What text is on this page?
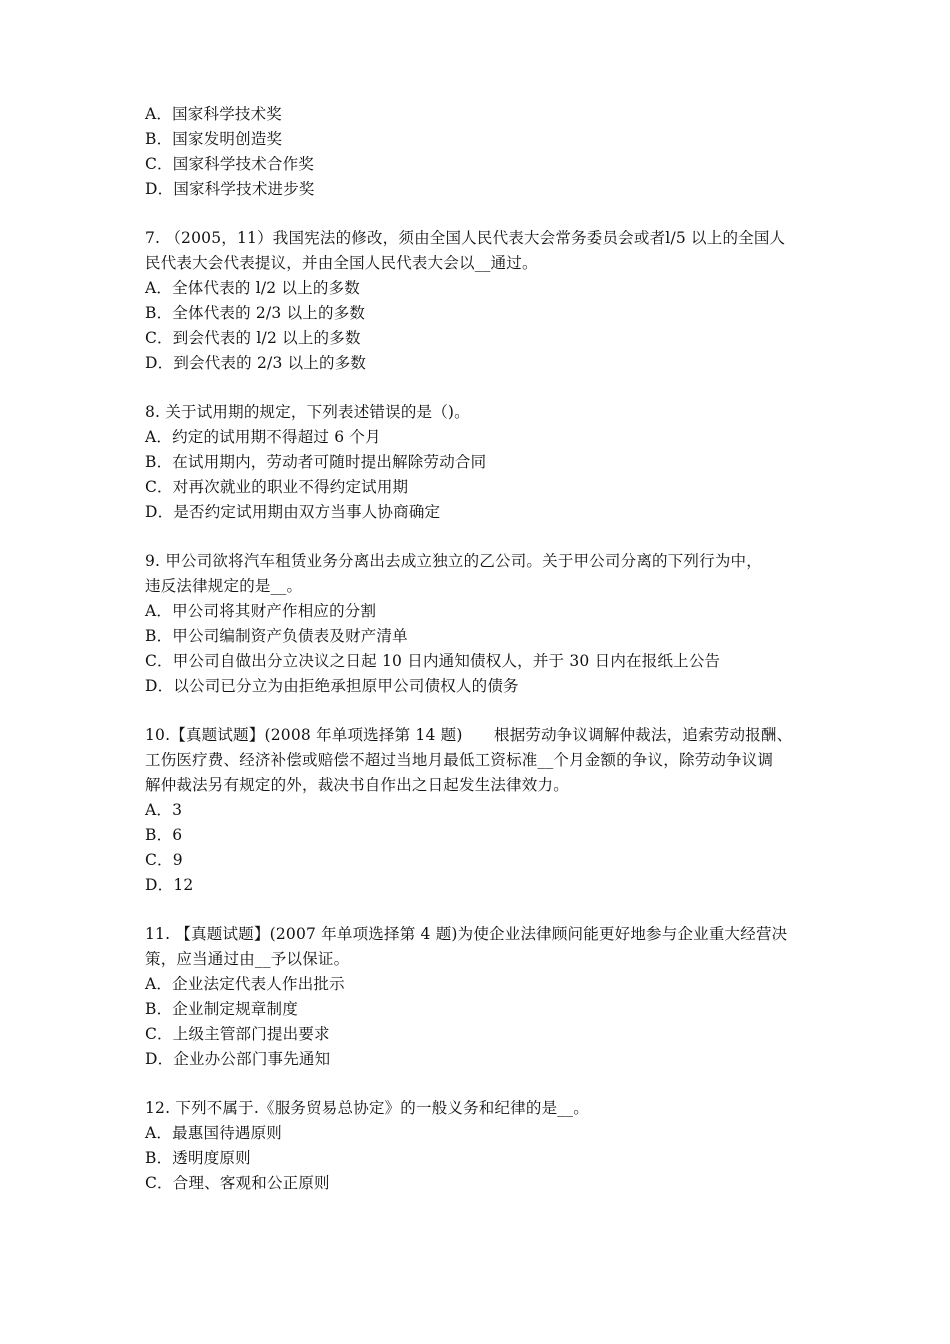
A．国家科学技术奖
B．国家发明创造奖
C．国家科学技术合作奖
D．国家科学技术进步奖
7. （2005，11）我国宪法的修改，须由全国人民代表大会常务委员会或者l/5 以上的全国人
民代表大会代表提议，并由全国人民代表大会以__通过。
A．全体代表的 l/2 以上的多数
B．全体代表的 2/3 以上的多数
C．到会代表的 l/2 以上的多数
D．到会代表的 2/3 以上的多数
8. 关于试用期的规定，下列表述错误的是（)。
A．约定的试用期不得超过 6 个月
B．在试用期内，劳动者可随时提出解除劳动合同
C．对再次就业的职业不得约定试用期
D．是否约定试用期由双方当事人协商确定
9. 甲公司欲将汽车租赁业务分离出去成立独立的乙公司。关于甲公司分离的下列行为中，
违反法律规定的是__。
A．甲公司将其财产作相应的分割
B．甲公司编制资产负债表及财产清单
C．甲公司自做出分立决议之日起 10 日内通知债权人，并于 30 日内在报纸上公告
D．以公司已分立为由拒绝承担原甲公司债权人的债务
10.【真题试题】(2008 年单项选择第 14 题)　　根据劳动争议调解仲裁法，追索劳动报酬、
工伤医疗费、经济补偿或赔偿不超过当地月最低工资标准__个月金额的争议，除劳动争议调
解仲裁法另有规定的外，裁决书自作出之日起发生法律效力。
A．3
B．6
C．9
D．12
11. 【真题试题】(2007 年单项选择第 4 题)为使企业法律顾问能更好地参与企业重大经营决
策，应当通过由__予以保证。
A．企业法定代表人作出批示
B．企业制定规章制度
C．上级主管部门提出要求
D．企业办公部门事先通知
12. 下列不属于.《服务贸易总协定》的一般义务和纪律的是__。
A．最惠国待遇原则
B．透明度原则
C．合理、客观和公正原则
